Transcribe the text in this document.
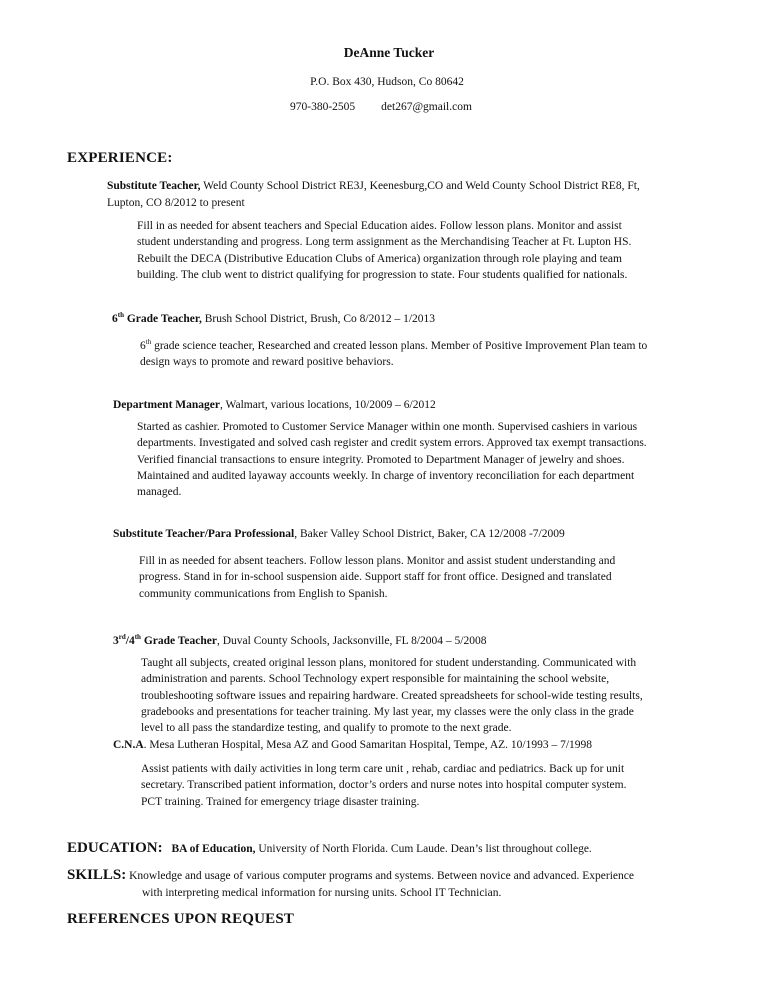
DeAnne Tucker
P.O. Box 430, Hudson, Co 80642
970-380-2505 det267@gmail.com
EXPERIENCE:
Substitute Teacher, Weld County School District RE3J, Keenesburg,CO and Weld County School District RE8, Ft,
Lupton, CO 8/2012 to present
Fill in as needed for absent teachers and Special Education aides. Follow lesson plans. Monitor and assist
student understanding and progress. Long term assignment as the Merchandising Teacher at Ft. Lupton HS.
Rebuilt the DECA (Distributive Education Clubs of America) organization through role playing and team
building. The club went to district qualifying for progression to state. Four students qualified for nationals.
6th Grade Teacher, Brush School District, Brush, Co 8/2012 – 1/2013
6th grade science teacher, Researched and created lesson plans. Member of Positive Improvement Plan team to
design ways to promote and reward positive behaviors.
Department Manager, Walmart, various locations, 10/2009 – 6/2012
Started as cashier. Promoted to Customer Service Manager within one month. Supervised cashiers in various
departments. Investigated and solved cash register and credit system errors. Approved tax exempt transactions.
Verified financial transactions to ensure integrity. Promoted to Department Manager of jewelry and shoes.
Maintained and audited layaway accounts weekly. In charge of inventory reconciliation for each department
managed.
Substitute Teacher/Para Professional, Baker Valley School District, Baker, CA 12/2008 -7/2009
Fill in as needed for absent teachers. Follow lesson plans. Monitor and assist student understanding and
progress. Stand in for in-school suspension aide. Support staff for front office. Designed and translated
community communications from English to Spanish.
3rd/4th Grade Teacher, Duval County Schools, Jacksonville, FL 8/2004 – 5/2008
Taught all subjects, created original lesson plans, monitored for student understanding. Communicated with
administration and parents. School Technology expert responsible for maintaining the school website,
troubleshooting software issues and repairing hardware. Created spreadsheets for school-wide testing results,
gradebooks and presentations for teacher training. My last year, my classes were the only class in the grade
level to all pass the standardize testing, and qualify to promote to the next grade.
C.N.A. Mesa Lutheran Hospital, Mesa AZ and Good Samaritan Hospital, Tempe, AZ. 10/1993 – 7/1998
Assist patients with daily activities in long term care unit , rehab, cardiac and pediatrics. Back up for unit
secretary. Transcribed patient information, doctor’s orders and nurse notes into hospital computer system.
PCT training. Trained for emergency triage disaster training.
EDUCATION: BA of Education, University of North Florida. Cum Laude. Dean’s list throughout college.
SKILLS: Knowledge and usage of various computer programs and systems. Between novice and advanced. Experience
with interpreting medical information for nursing units. School IT Technician.
REFERENCES UPON REQUEST
